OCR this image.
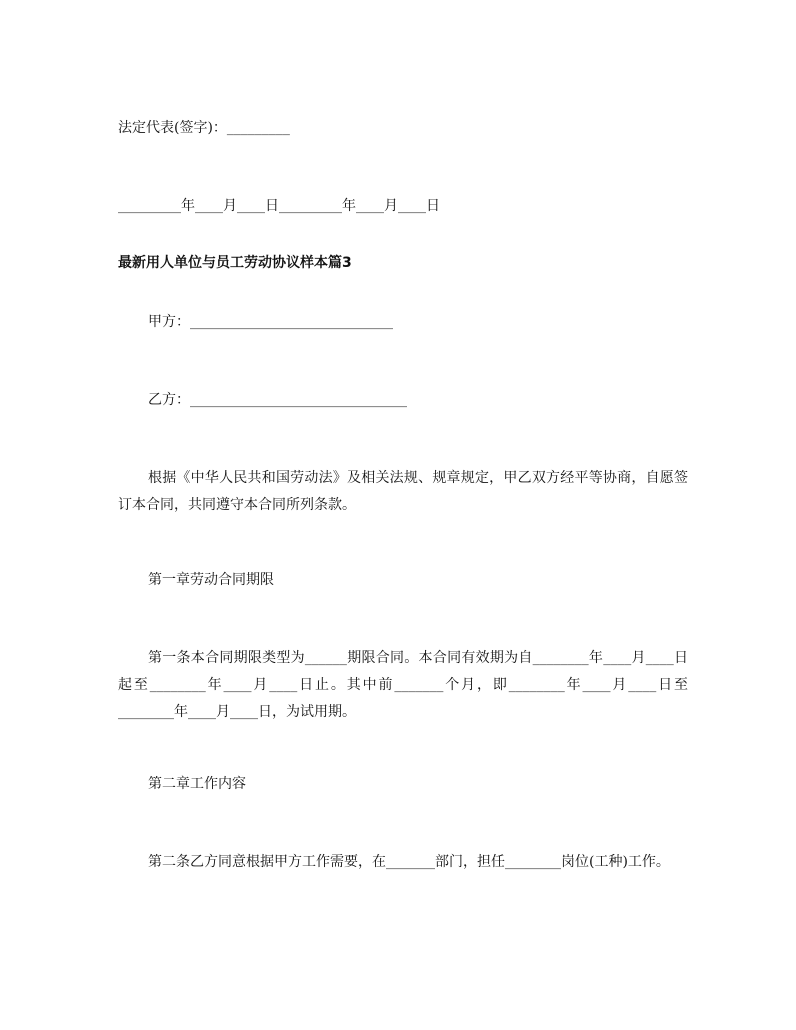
法定代表(签字)：_________
_________年____月____日_________年____月____日
最新用人单位与员工劳动协议样本篇3
甲方：_____________________________
乙方：_______________________________
根据《中华人民共和国劳动法》及相关法规、规章规定，甲乙双方经平等协商，自愿签订本合同，共同遵守本合同所列条款。
第一章劳动合同期限
第一条本合同期限类型为______期限合同。本合同有效期为自________年____月____日起至________年____月____日止。其中前_______个月，即________年____月____日至________年____月____日，为试用期。
第二章工作内容
第二条乙方同意根据甲方工作需要，在_______部门，担任________岗位(工种)工作。
